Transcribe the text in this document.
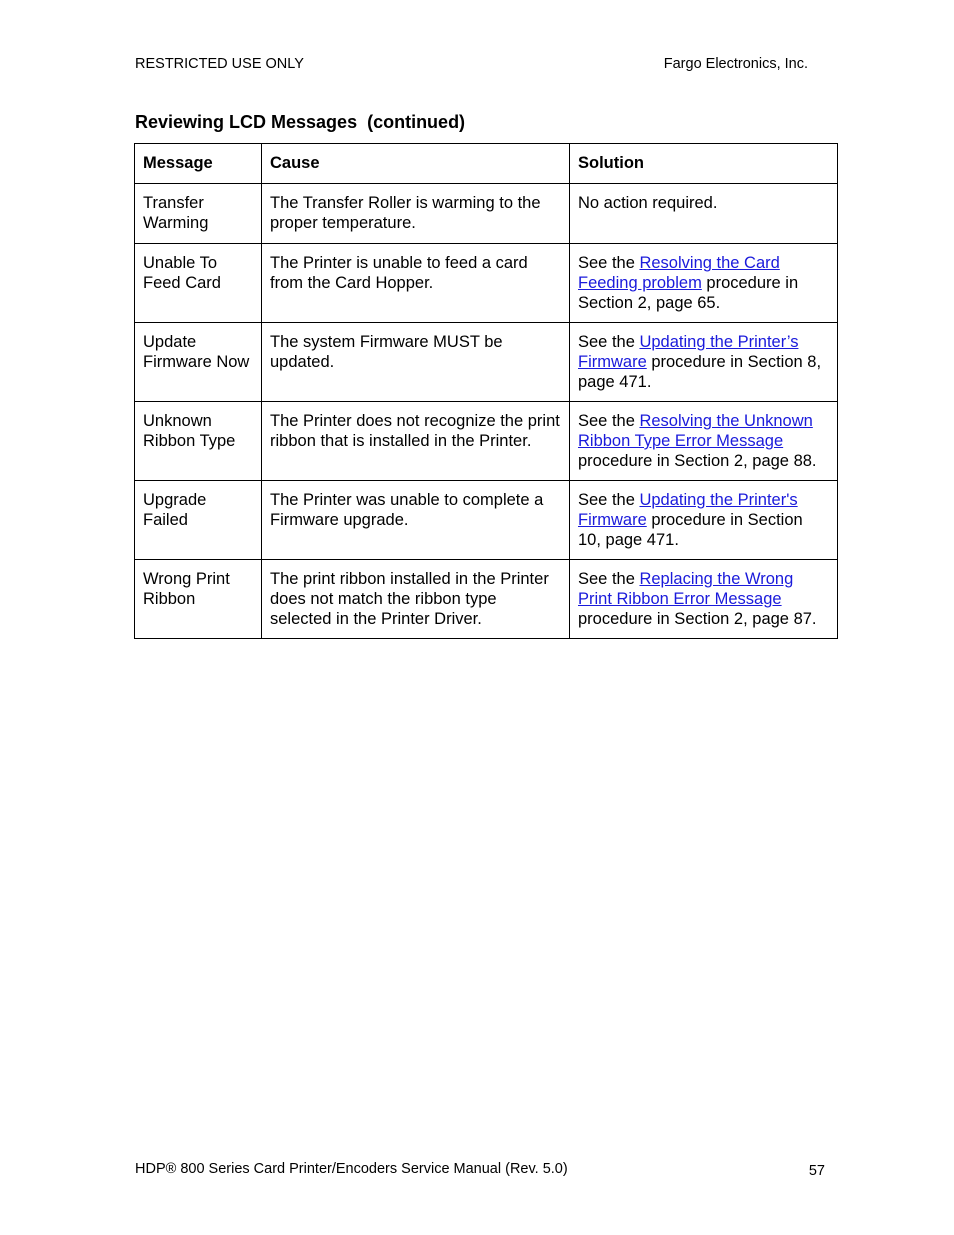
RESTRICTED USE ONLY	Fargo Electronics, Inc.
Reviewing LCD Messages  (continued)
Message	Cause	Solution
Transfer Warming	The Transfer Roller is warming to the proper temperature.	No action required.
Unable To Feed Card	The Printer is unable to feed a card from the Card Hopper.	See the Resolving the Card Feeding problem procedure in Section 2, page 65.
Update Firmware Now	The system Firmware MUST be updated.	See the Updating the Printer’s Firmware procedure in Section 8, page 471.
Unknown Ribbon Type	The Printer does not recognize the print ribbon that is installed in the Printer.	See the Resolving the Unknown Ribbon Type Error Message procedure in Section 2, page 88.
Upgrade Failed	The Printer was unable to complete a Firmware upgrade.	See the Updating the Printer's Firmware procedure in Section 10, page 471.
Wrong Print Ribbon	The print ribbon installed in the Printer does not match the ribbon type selected in the Printer Driver.	See the Replacing the Wrong Print Ribbon Error Message procedure in Section 2, page 87.
HDP® 800 Series Card Printer/Encoders Service Manual (Rev. 5.0)	57
